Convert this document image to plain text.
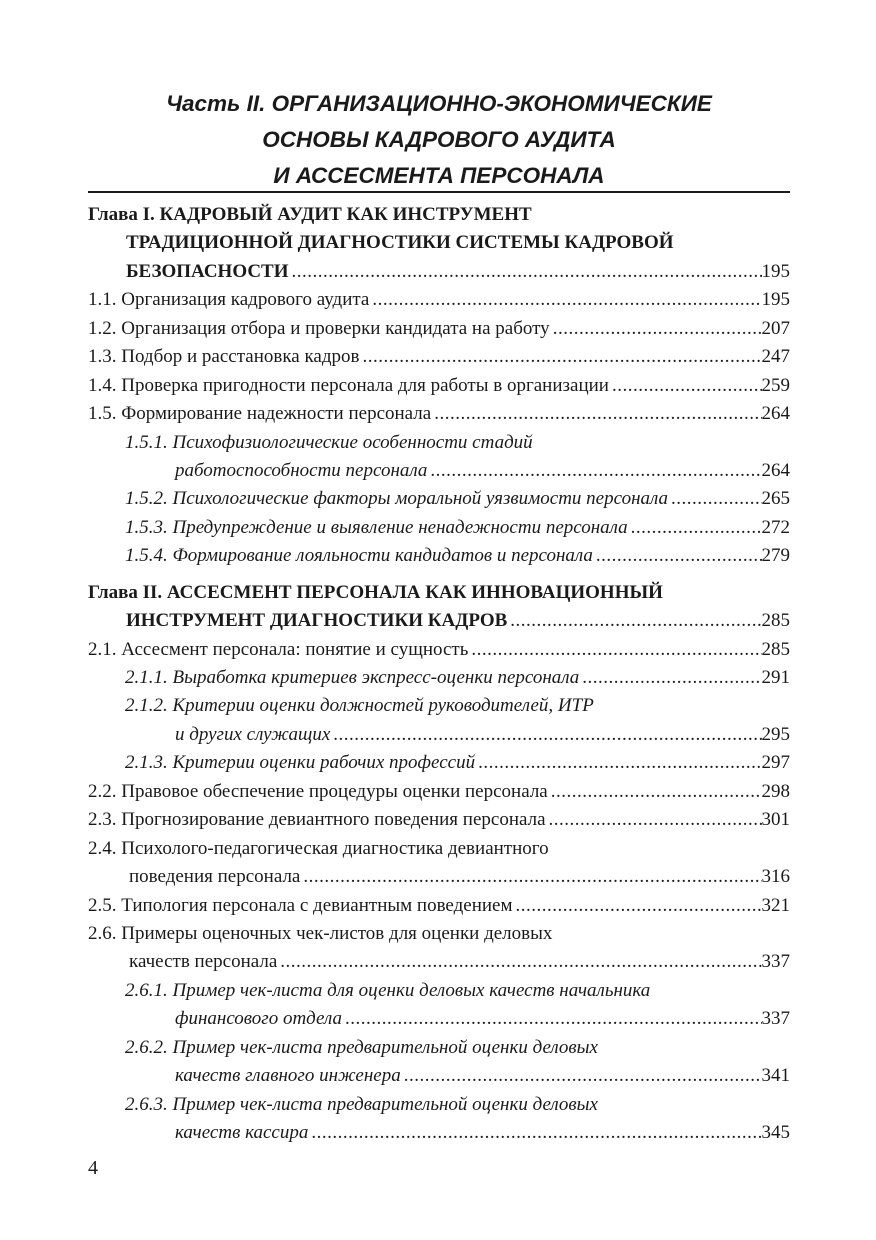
Часть II. ОРГАНИЗАЦИОННО-ЭКОНОМИЧЕСКИЕ
ОСНОВЫ КАДРОВОГО АУДИТА
И АССЕСМЕНТА ПЕРСОНАЛА
Глава I. КАДРОВЫЙ АУДИТ КАК ИНСТРУМЕНТ
ТРАДИЦИОННОЙ ДИАГНОСТИКИ СИСТЕМЫ КАДРОВОЙ
БЕЗОПАСНОСТИ .....	195
1.1. Организация кадрового аудита .....	195
1.2. Организация отбора и проверки кандидата на работу .....	207
1.3. Подбор и расстановка кадров .....	247
1.4. Проверка пригодности персонала для работы в организации .....	259
1.5. Формирование надежности персонала .....	264
1.5.1. Психофизиологические особенности стадий
работоспособности персонала .....	264
1.5.2. Психологические факторы моральной уязвимости персонала .....	265
1.5.3. Предупреждение и выявление ненадежности персонала .....	272
1.5.4. Формирование лояльности кандидатов и персонала .....	279
Глава II. АССЕСМЕНТ ПЕРСОНАЛА КАК ИННОВАЦИОННЫЙ
ИНСТРУМЕНТ ДИАГНОСТИКИ КАДРОВ .....	285
2.1. Ассесмент персонала: понятие и сущность .....	285
2.1.1. Выработка критериев экспресс-оценки персонала .....	291
2.1.2. Критерии оценки должностей руководителей, ИТР
и других служащих .....	295
2.1.3. Критерии оценки рабочих профессий .....	297
2.2. Правовое обеспечение процедуры оценки персонала .....	298
2.3. Прогнозирование девиантного поведения персонала .....	301
2.4. Психолого-педагогическая диагностика девиантного
поведения персонала .....	316
2.5. Типология персонала с девиантным поведением .....	321
2.6. Примеры оценочных чек-листов для оценки деловых
качеств персонала .....	337
2.6.1. Пример чек-листа для оценки деловых качеств начальника
финансового отдела .....	337
2.6.2. Пример чек-листа предварительной оценки деловых
качеств главного инженера .....	341
2.6.3. Пример чек-листа предварительной оценки деловых
качеств кассира .....	345
4
